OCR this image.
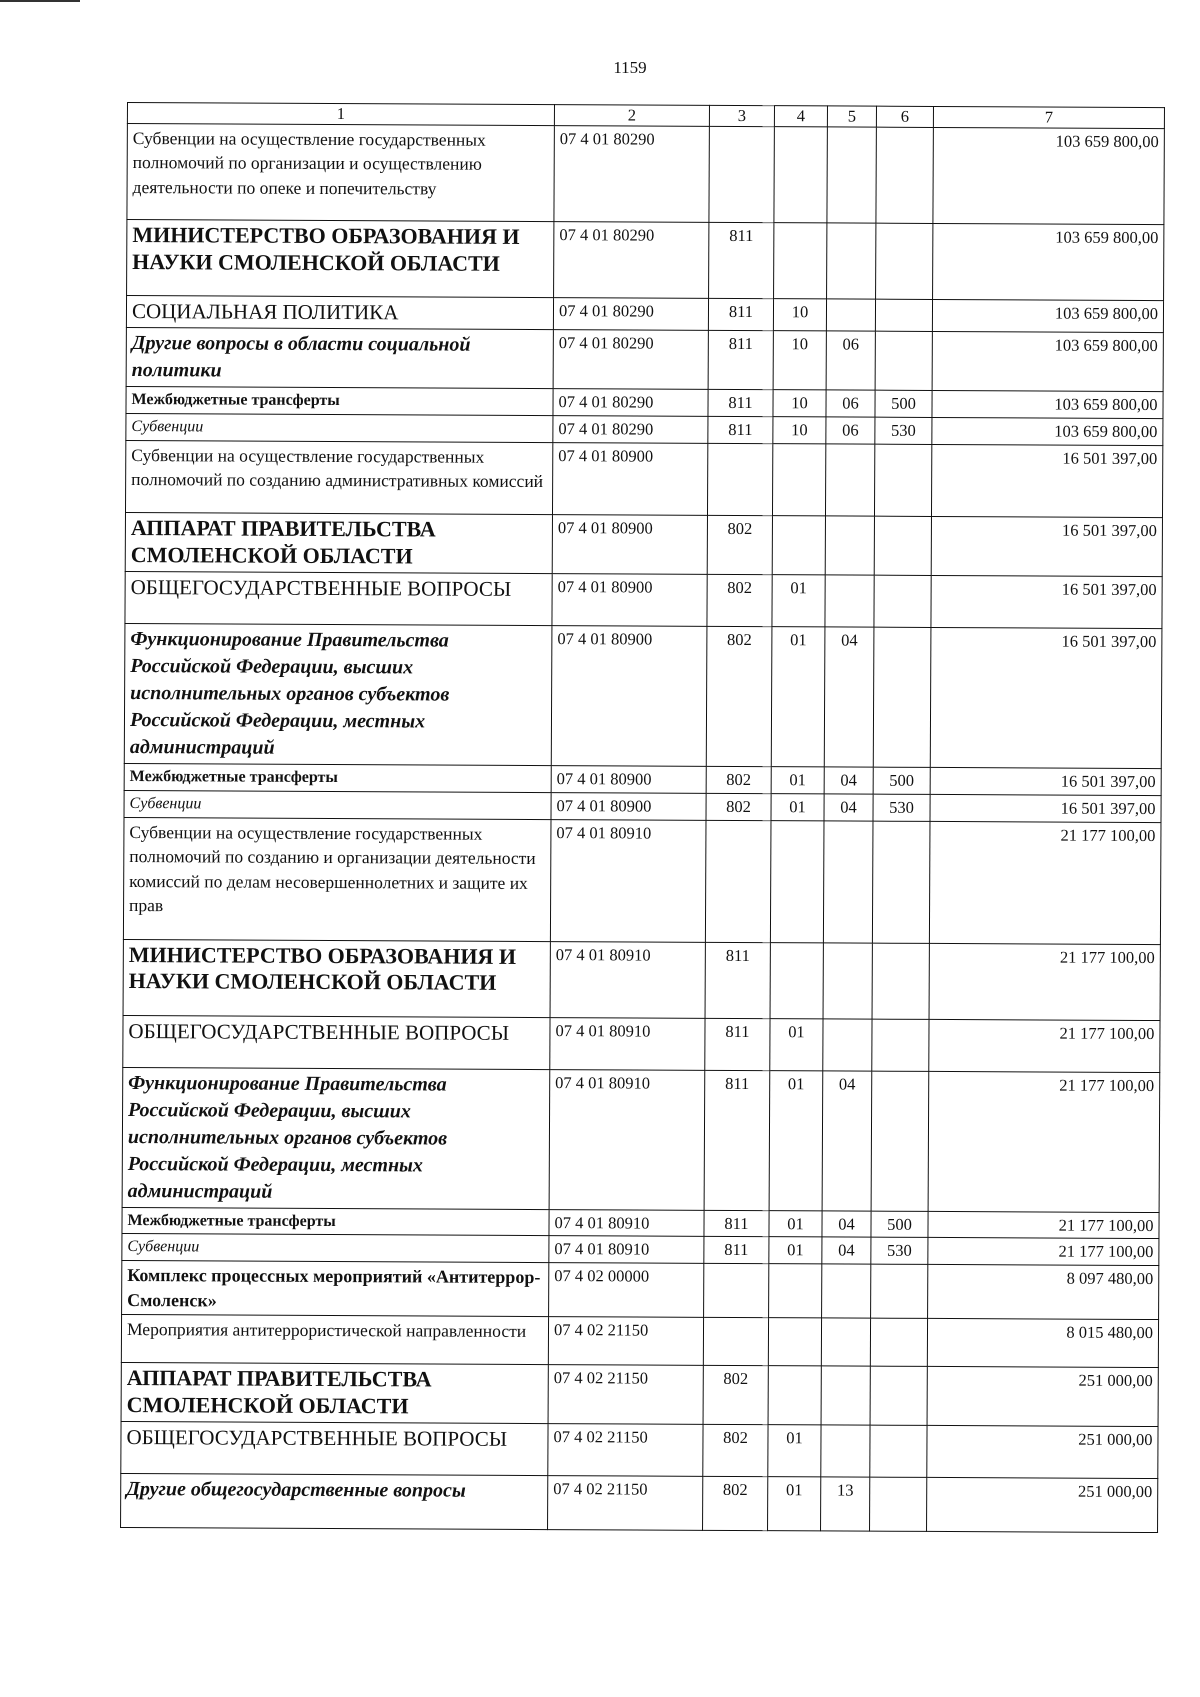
1159
1	2	3	4	5	6	7
Субвенции на осуществление государственных полномочий по организации и осуществлению деятельности по опеке и попечительству	07 4 01 80290					103 659 800,00
МИНИСТЕРСТВО ОБРАЗОВАНИЯ И НАУКИ СМОЛЕНСКОЙ ОБЛАСТИ	07 4 01 80290	811				103 659 800,00
СОЦИАЛЬНАЯ ПОЛИТИКА	07 4 01 80290	811	10			103 659 800,00
Другие вопросы в области социальной политики	07 4 01 80290	811	10	06		103 659 800,00
Межбюджетные трансферты	07 4 01 80290	811	10	06	500	103 659 800,00
Субвенции	07 4 01 80290	811	10	06	530	103 659 800,00
Субвенции на осуществление государственных полномочий по созданию административных комиссий	07 4 01 80900					16 501 397,00
АППАРАТ ПРАВИТЕЛЬСТВА СМОЛЕНСКОЙ ОБЛАСТИ	07 4 01 80900	802				16 501 397,00
ОБЩЕГОСУДАРСТВЕННЫЕ ВОПРОСЫ	07 4 01 80900	802	01			16 501 397,00
Функционирование Правительства Российской Федерации, высших исполнительных органов субъектов Российской Федерации, местных администраций	07 4 01 80900	802	01	04		16 501 397,00
Межбюджетные трансферты	07 4 01 80900	802	01	04	500	16 501 397,00
Субвенции	07 4 01 80900	802	01	04	530	16 501 397,00
Субвенции на осуществление государственных полномочий по созданию и организации деятельности комиссий по делам несовершеннолетних и защите их прав	07 4 01 80910					21 177 100,00
МИНИСТЕРСТВО ОБРАЗОВАНИЯ И НАУКИ СМОЛЕНСКОЙ ОБЛАСТИ	07 4 01 80910	811				21 177 100,00
ОБЩЕГОСУДАРСТВЕННЫЕ ВОПРОСЫ	07 4 01 80910	811	01			21 177 100,00
Функционирование Правительства Российской Федерации, высших исполнительных органов субъектов Российской Федерации, местных администраций	07 4 01 80910	811	01	04		21 177 100,00
Межбюджетные трансферты	07 4 01 80910	811	01	04	500	21 177 100,00
Субвенции	07 4 01 80910	811	01	04	530	21 177 100,00
Комплекс процессных мероприятий «Антитеррор-Смоленск»	07 4 02 00000					8 097 480,00
Мероприятия антитеррористической направленности	07 4 02 21150					8 015 480,00
АППАРАТ ПРАВИТЕЛЬСТВА СМОЛЕНСКОЙ ОБЛАСТИ	07 4 02 21150	802				251 000,00
ОБЩЕГОСУДАРСТВЕННЫЕ ВОПРОСЫ	07 4 02 21150	802	01			251 000,00
Другие общегосударственные вопросы	07 4 02 21150	802	01	13		251 000,00
